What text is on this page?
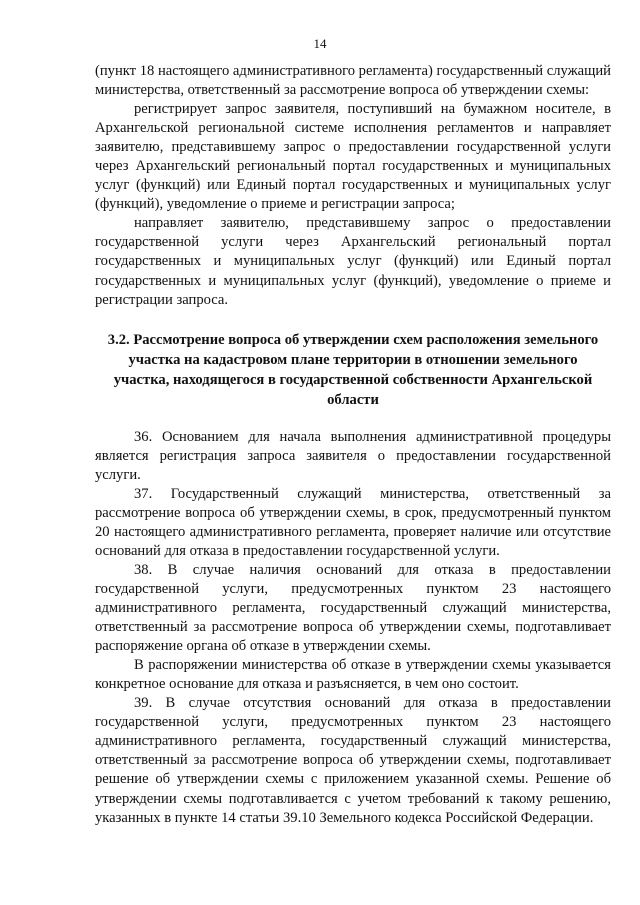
14

(пункт 18 настоящего административного регламента) государственный служащий министерства, ответственный за рассмотрение вопроса об утверждении схемы:

регистрирует запрос заявителя, поступивший на бумажном носителе, в Архангельской региональной системе исполнения регламентов и направляет заявителю, представившему запрос о предоставлении государственной услуги через Архангельский региональный портал государственных и муниципальных услуг (функций) или Единый портал государственных и муниципальных услуг (функций), уведомление о приеме и регистрации запроса;

направляет заявителю, представившему запрос о предоставлении государственной услуги через Архангельский региональный портал государственных и муниципальных услуг (функций) или Единый портал государственных и муниципальных услуг (функций), уведомление о приеме и регистрации запроса.

3.2. Рассмотрение вопроса об утверждении схем расположения земельного участка на кадастровом плане территории в отношении земельного участка, находящегося в государственной собственности Архангельской области

36. Основанием для начала выполнения административной процедуры является регистрация запроса заявителя о предоставлении государственной услуги.

37. Государственный служащий министерства, ответственный за рассмотрение вопроса об утверждении схемы, в срок, предусмотренный пунктом 20 настоящего административного регламента, проверяет наличие или отсутствие оснований для отказа в предоставлении государственной услуги.

38. В случае наличия оснований для отказа в предоставлении государственной услуги, предусмотренных пунктом 23 настоящего административного регламента, государственный служащий министерства, ответственный за рассмотрение вопроса об утверждении схемы, подготавливает распоряжение органа об отказе в утверждении схемы.

В распоряжении министерства об отказе в утверждении схемы указывается конкретное основание для отказа и разъясняется, в чем оно состоит.

39. В случае отсутствия оснований для отказа в предоставлении государственной услуги, предусмотренных пунктом 23 настоящего административного регламента, государственный служащий министерства, ответственный за рассмотрение вопроса об утверждении схемы, подготавливает решение об утверждении схемы с приложением указанной схемы. Решение об утверждении схемы подготавливается с учетом требований к такому решению, указанных в пункте 14 статьи 39.10 Земельного кодекса Российской Федерации.
